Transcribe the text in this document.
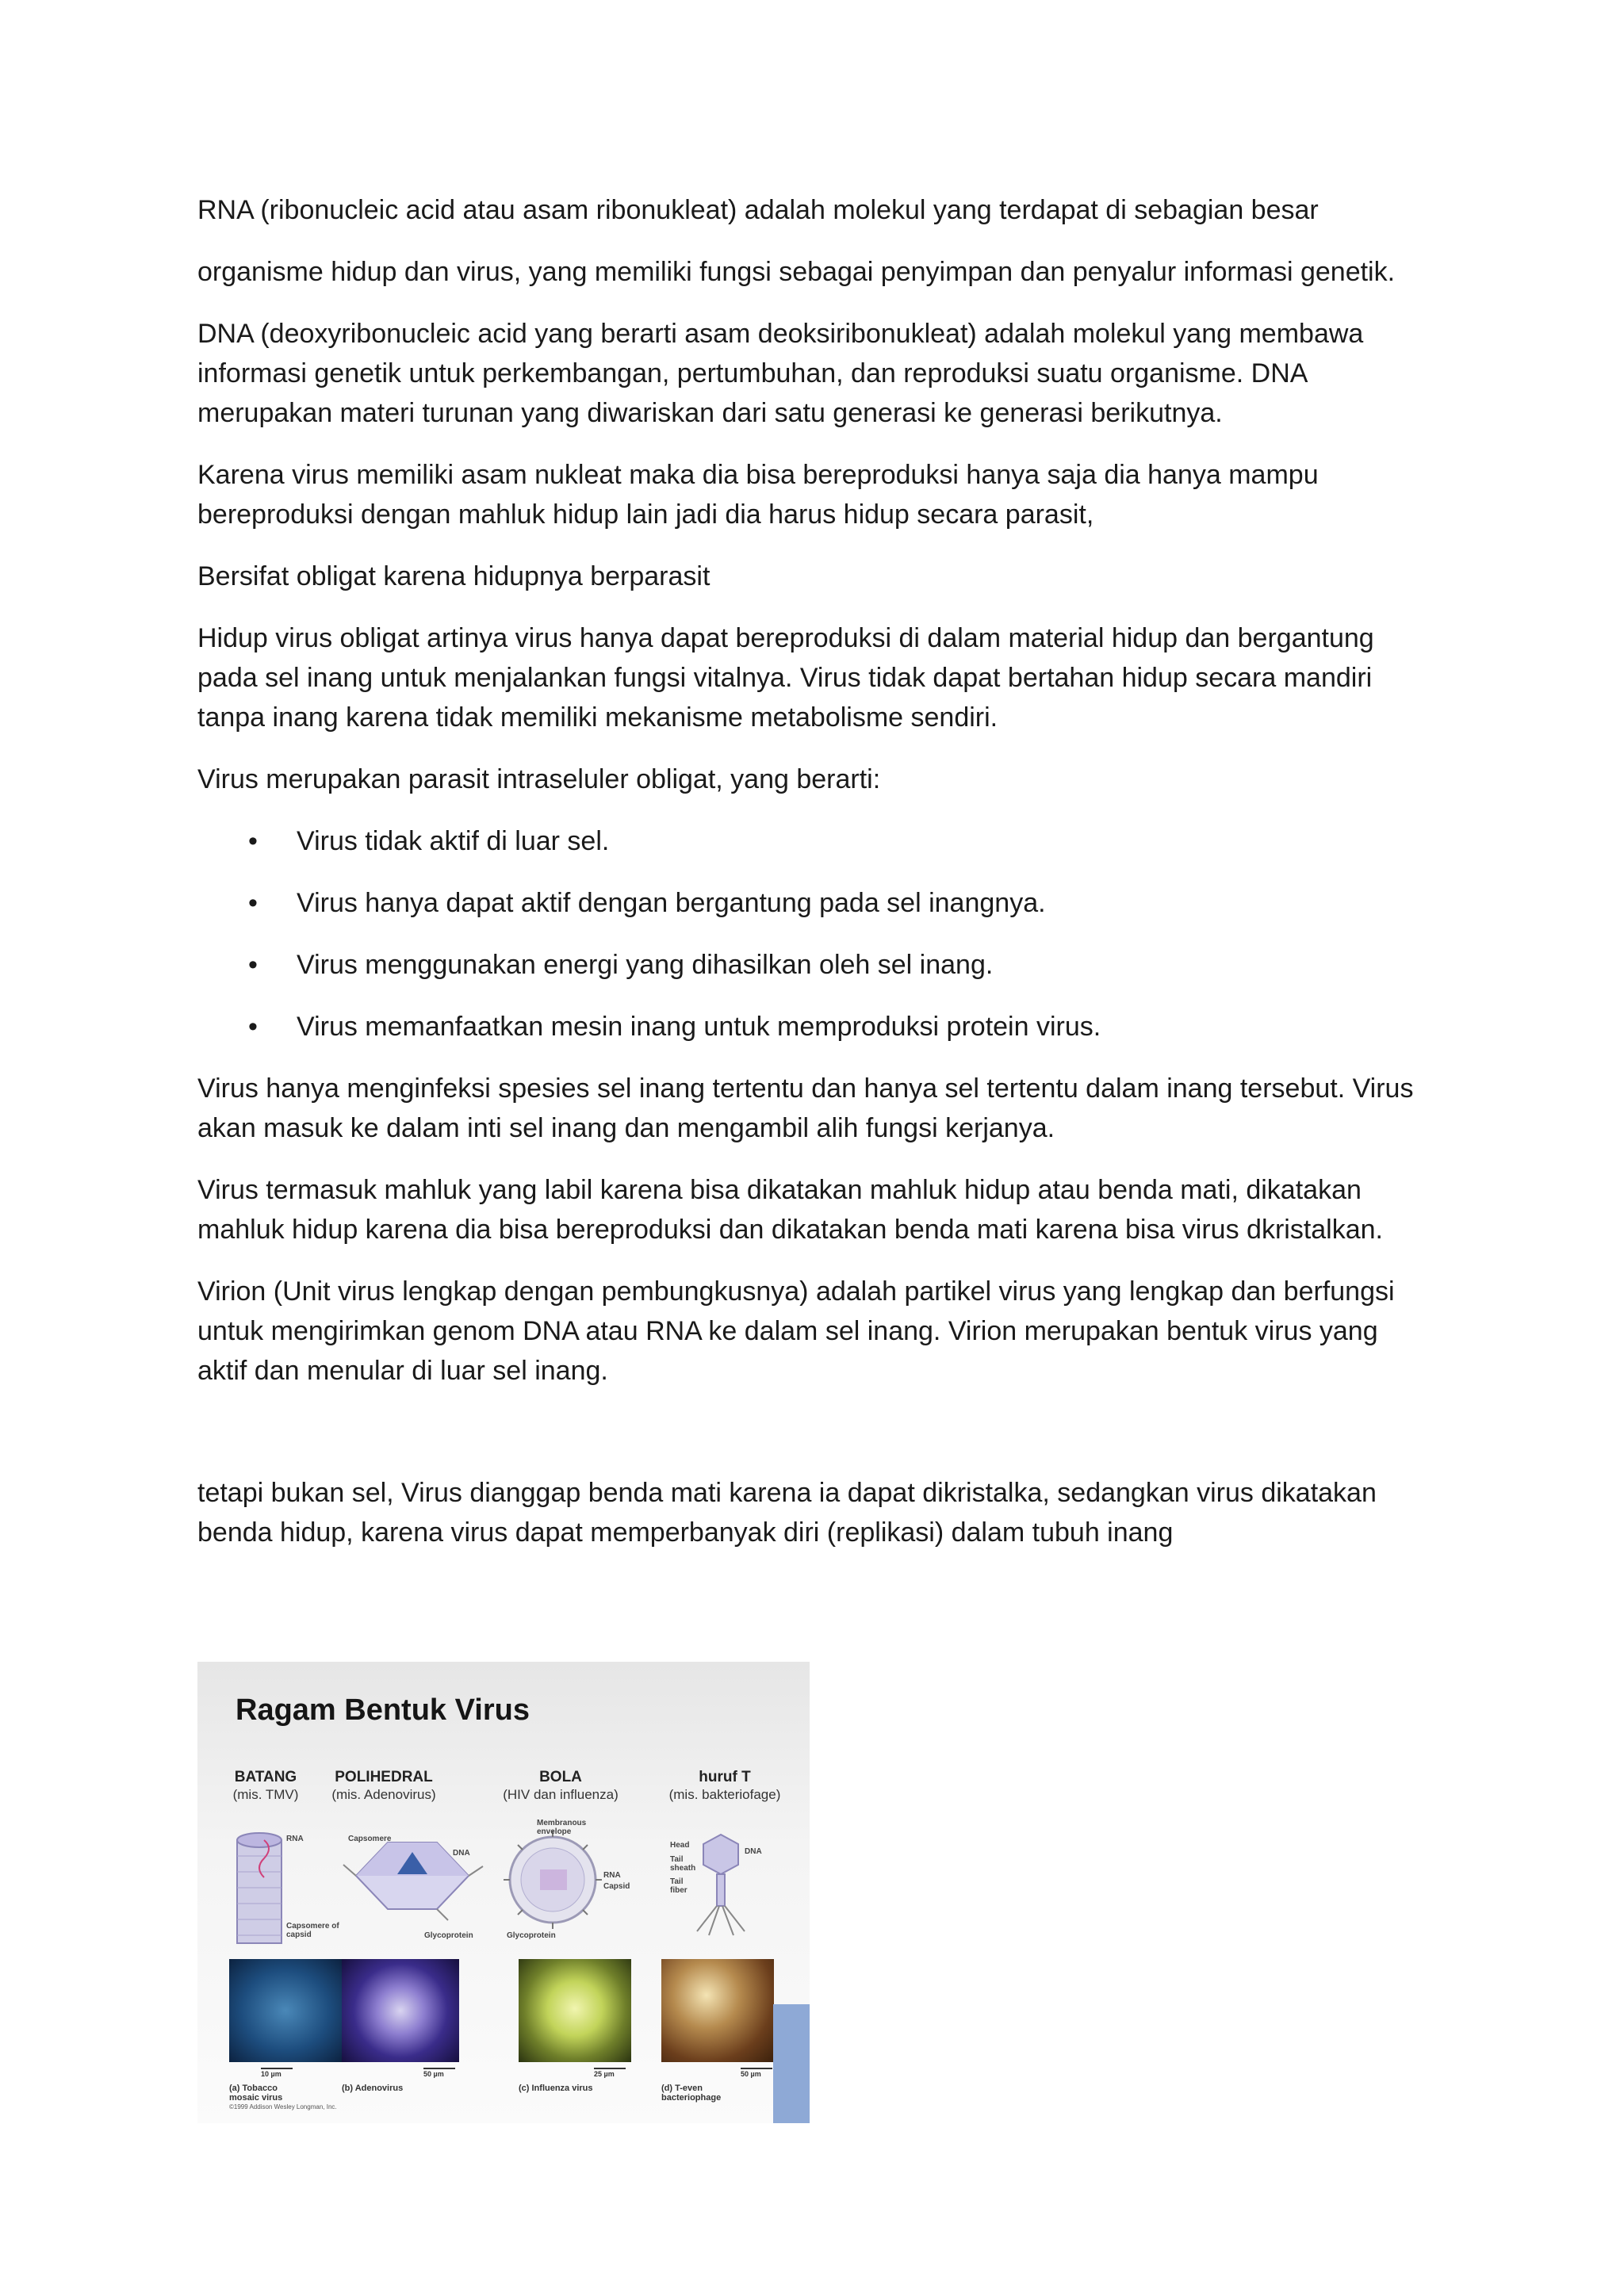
RNA (ribonucleic acid atau asam ribonukleat) adalah molekul yang terdapat di sebagian besar

organisme hidup dan virus, yang memiliki fungsi sebagai penyimpan dan penyalur informasi genetik.

DNA (deoxyribonucleic acid yang berarti asam deoksiribonukleat) adalah molekul yang membawa informasi genetik untuk perkembangan, pertumbuhan, dan reproduksi suatu organisme. DNA merupakan materi turunan yang diwariskan dari satu generasi ke generasi berikutnya.

Karena virus memiliki asam nukleat maka dia bisa bereproduksi hanya saja dia hanya mampu bereproduksi dengan mahluk hidup lain jadi dia harus hidup secara parasit,

Bersifat obligat karena hidupnya berparasit

Hidup virus obligat artinya virus hanya dapat bereproduksi di dalam material hidup dan bergantung pada sel inang untuk menjalankan fungsi vitalnya. Virus tidak dapat bertahan hidup secara mandiri tanpa inang karena tidak memiliki mekanisme metabolisme sendiri.

Virus merupakan parasit intraseluler obligat, yang berarti:

• Virus tidak aktif di luar sel.
• Virus hanya dapat aktif dengan bergantung pada sel inangnya.
• Virus menggunakan energi yang dihasilkan oleh sel inang.
• Virus memanfaatkan mesin inang untuk memproduksi protein virus.

Virus hanya menginfeksi spesies sel inang tertentu dan hanya sel tertentu dalam inang tersebut. Virus akan masuk ke dalam inti sel inang dan mengambil alih fungsi kerjanya.

Virus termasuk mahluk yang labil karena bisa dikatakan mahluk hidup atau benda mati, dikatakan mahluk hidup karena dia bisa bereproduksi dan dikatakan benda mati karena bisa virus dkristalkan.

Virion (Unit virus lengkap dengan pembungkusnya) adalah partikel virus yang lengkap dan berfungsi untuk mengirimkan genom DNA atau RNA ke dalam sel inang. Virion merupakan bentuk virus yang aktif dan menular di luar sel inang.

tetapi bukan sel, Virus dianggap benda mati karena ia dapat dikristalka, sedangkan virus dikatakan benda hidup, karena virus dapat memperbanyak diri (replikasi) dalam tubuh inang

Ragam Bentuk Virus
BATANG
(mis. TMV)
POLIHEDRAL
(mis. Adenovirus)
BOLA
(HIV dan influenza)
huruf T
(mis. bakteriofage)
RNA
Capsomere of capsid
Capsomere
DNA
Glycoprotein
Membranous envelope
RNA
Capsid
Glycoprotein
Head
Tail sheath
Tail fiber
DNA
10 µm	50 µm	25 µm	50 µm
(a) Tobacco mosaic virus
(b) Adenovirus	(c) Influenza virus	(d) T-even bacteriophage
©1999 Addison Wesley Longman, Inc.
